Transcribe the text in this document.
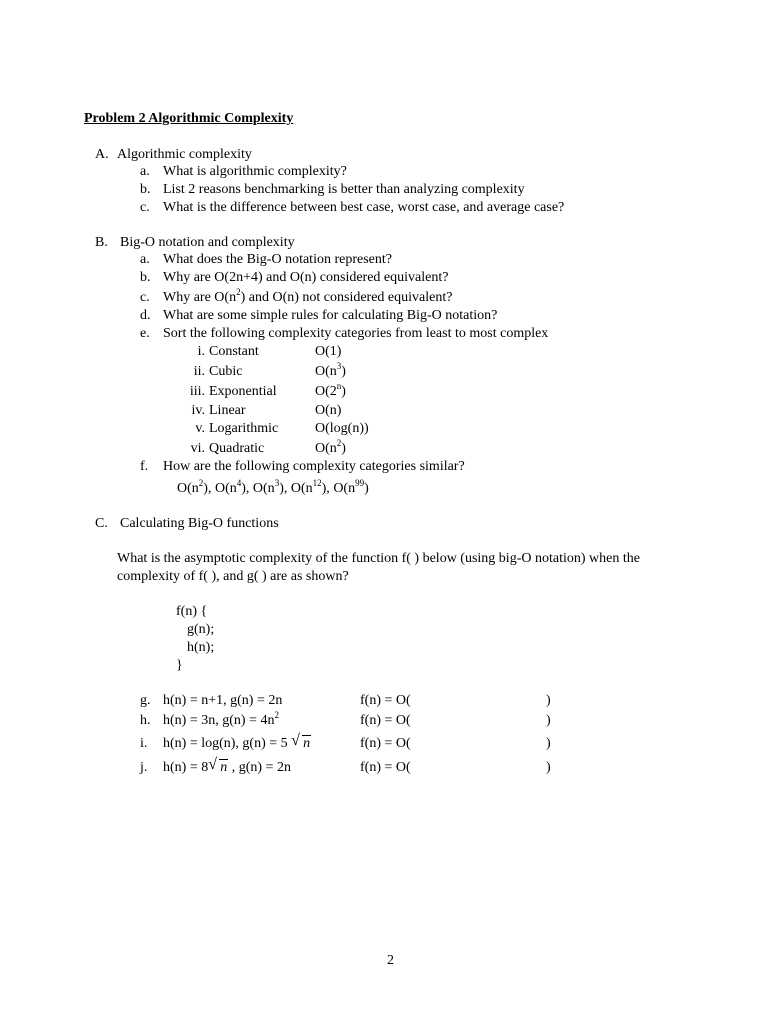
Problem 2 Algorithmic Complexity
A. Algorithmic complexity
a. What is algorithmic complexity?
b. List 2 reasons benchmarking is better than analyzing complexity
c. What is the difference between best case, worst case, and average case?
B. Big-O notation and complexity
a. What does the Big-O notation represent?
b. Why are O(2n+4) and O(n) considered equivalent?
c. Why are $O(n^2)$ and O(n) not considered equivalent?
d. What are some simple rules for calculating Big-O notation?
e. Sort the following complexity categories from least to most complex
i. Constant	O(1)
ii. Cubic	$O(n^3)$
iii. Exponential	O(2$^n$)
iv. Linear	O(n)
v. Logarithmic	O(log(n))
vi. Quadratic	$O(n^2)$
f. How are the following complexity categories similar?
$O(n^2)$, $O(n^4)$, $O(n^3)$, $O(n^{12})$, $O(n^{99})$
C. Calculating Big-O functions
What is the asymptotic complexity of the function f( ) below (using big-O notation) when the
complexity of f( ), and g( ) are as shown?
f(n) {
g(n);
h(n);
}
g. h(n) = n+1, g(n) = 2n	f(n) = O(	)
h. h(n) = 3n, $g(n) = 4n^2$	f(n) = O(	)
i. h(n) = log(n), g(n) = 5 √ n	f(n) = O(	)
j. h(n) = 8 √ n , g(n) = 2n	f(n) = O(	)
2
